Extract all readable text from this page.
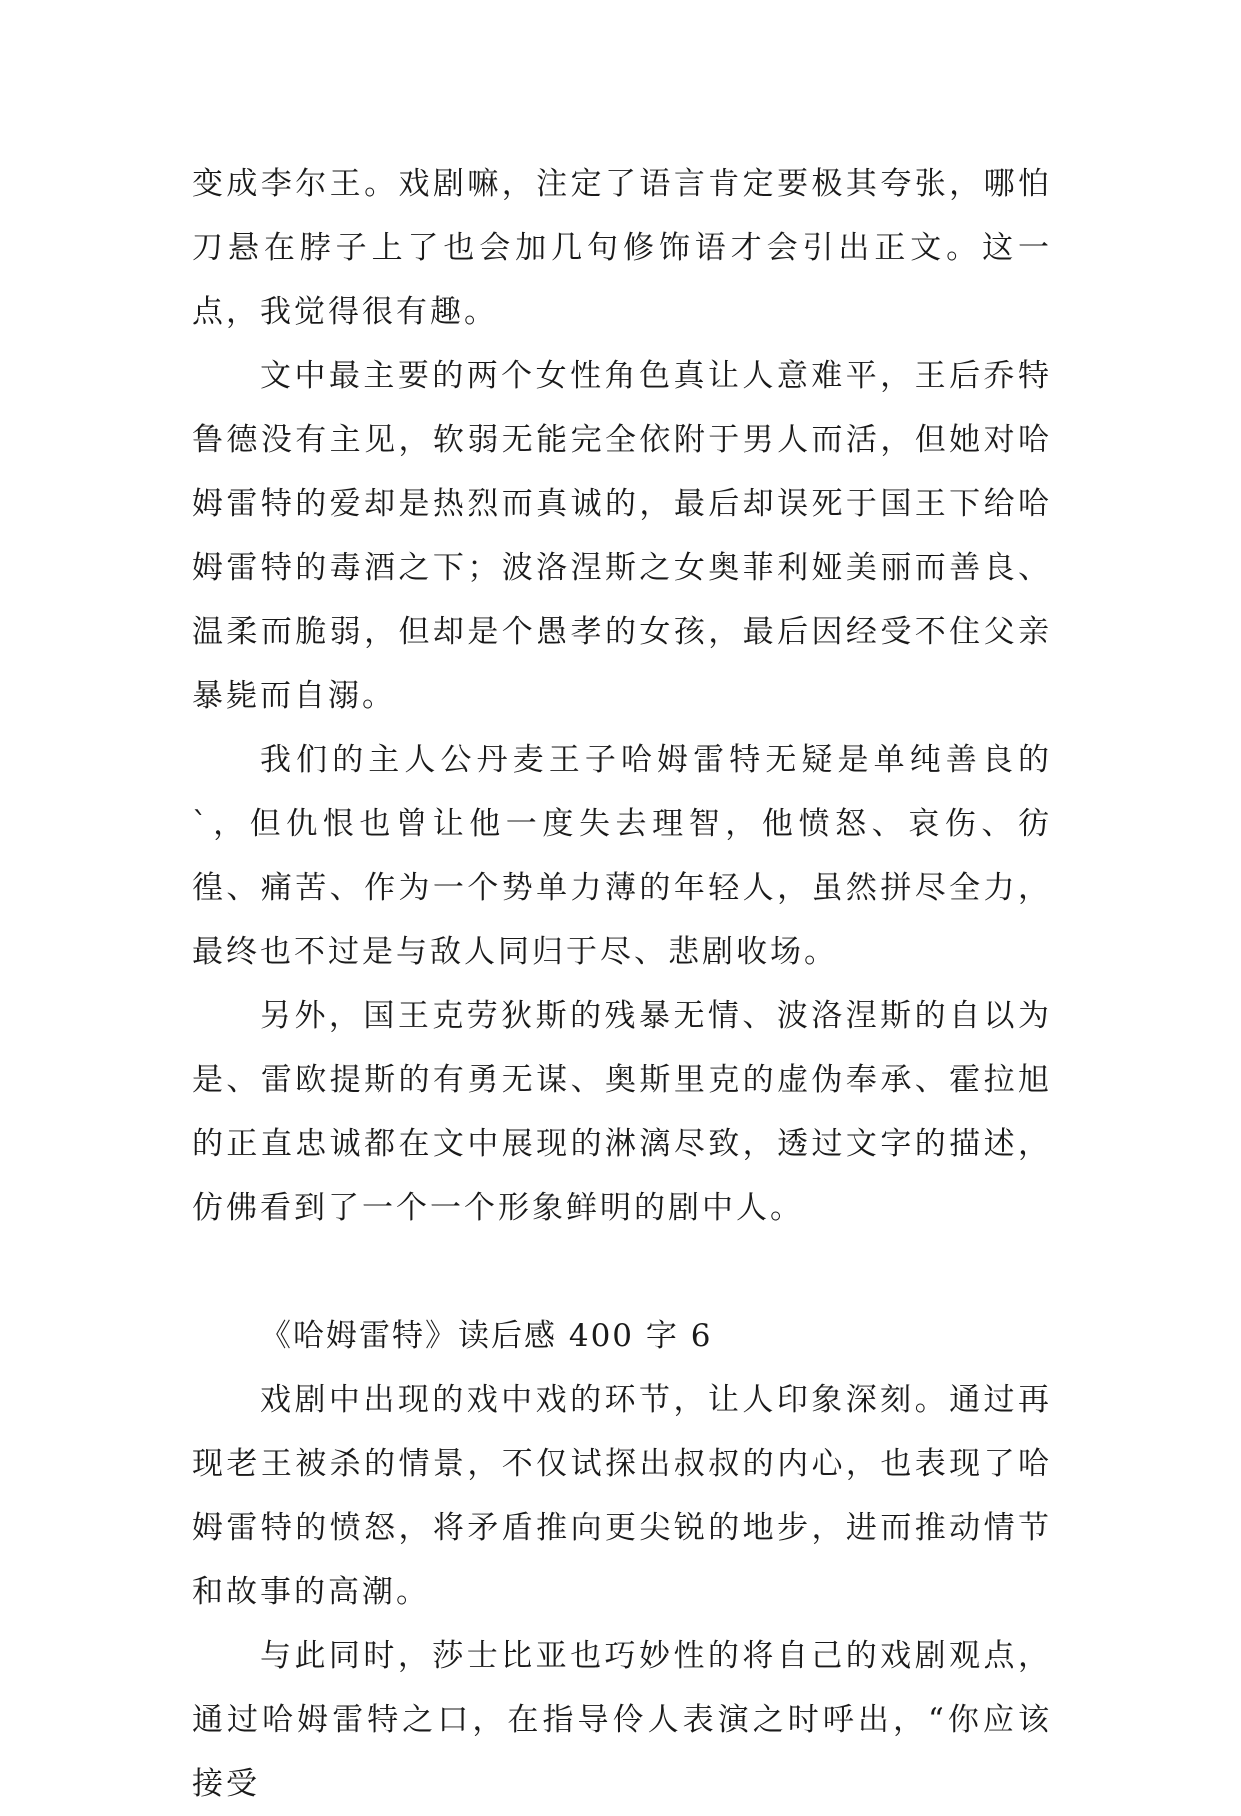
变成李尔王。戏剧嘛，注定了语言肯定要极其夸张，哪怕刀悬在脖子上了也会加几句修饰语才会引出正文。这一点，我觉得很有趣。

文中最主要的两个女性角色真让人意难平，王后乔特鲁德没有主见，软弱无能完全依附于男人而活，但她对哈姆雷特的爱却是热烈而真诚的，最后却误死于国王下给哈姆雷特的毒酒之下；波洛涅斯之女奥菲利娅美丽而善良、温柔而脆弱，但却是个愚孝的女孩，最后因经受不住父亲暴毙而自溺。

我们的主人公丹麦王子哈姆雷特无疑是单纯善良的`，但仇恨也曾让他一度失去理智，他愤怒、哀伤、彷徨、痛苦、作为一个势单力薄的年轻人，虽然拼尽全力，最终也不过是与敌人同归于尽、悲剧收场。

另外，国王克劳狄斯的残暴无情、波洛涅斯的自以为是、雷欧提斯的有勇无谋、奥斯里克的虚伪奉承、霍拉旭的正直忠诚都在文中展现的淋漓尽致，透过文字的描述，仿佛看到了一个一个形象鲜明的剧中人。

《哈姆雷特》读后感 400 字 6

戏剧中出现的戏中戏的环节，让人印象深刻。通过再现老王被杀的情景，不仅试探出叔叔的内心，也表现了哈姆雷特的愤怒，将矛盾推向更尖锐的地步，进而推动情节和故事的高潮。

与此同时，莎士比亚也巧妙性的将自己的戏剧观点，通过哈姆雷特之口，在指导伶人表演之时呼出，“你应该接受
